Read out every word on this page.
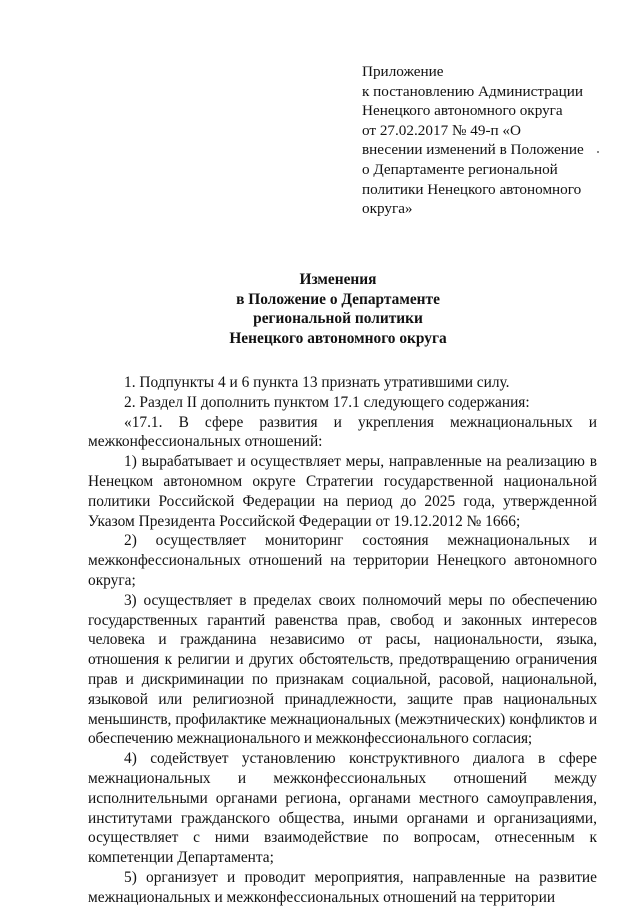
Приложение
к постановлению Администрации
Ненецкого автономного округа
от 27.02.2017 № 49-п «О
внесении изменений в Положение
о Департаменте региональной
политики Ненецкого автономного
округа»
Изменения
в Положение о Департаменте
региональной политики
Ненецкого автономного округа

1. Подпункты 4 и 6 пункта 13 признать утратившими силу.

2. Раздел II дополнить пунктом 17.1 следующего содержания:

«17.1. В сфере развития и укрепления межнациональных и межконфессиональных отношений:

1) вырабатывает и осуществляет меры, направленные на реализацию в Ненецком автономном округе Стратегии государственной национальной политики Российской Федерации на период до 2025 года, утвержденной Указом Президента Российской Федерации от 19.12.2012 № 1666;

2) осуществляет мониторинг состояния межнациональных и межконфессиональных отношений на территории Ненецкого автономного округа;

3) осуществляет в пределах своих полномочий меры по обеспечению государственных гарантий равенства прав, свобод и законных интересов человека и гражданина независимо от расы, национальности, языка, отношения к религии и других обстоятельств, предотвращению ограничения прав и дискриминации по признакам социальной, расовой, национальной, языковой или религиозной принадлежности, защите прав национальных меньшинств, профилактике межнациональных (межэтнических) конфликтов и обеспечению межнационального и межконфессионального согласия;

4) содействует установлению конструктивного диалога в сфере межнациональных и межконфессиональных отношений между исполнительными органами региона, органами местного самоуправления, институтами гражданского общества, иными органами и организациями, осуществляет с ними взаимодействие по вопросам, отнесенным к компетенции Департамента;

5) организует и проводит мероприятия, направленные на развитие межнациональных и межконфессиональных отношений на территории
